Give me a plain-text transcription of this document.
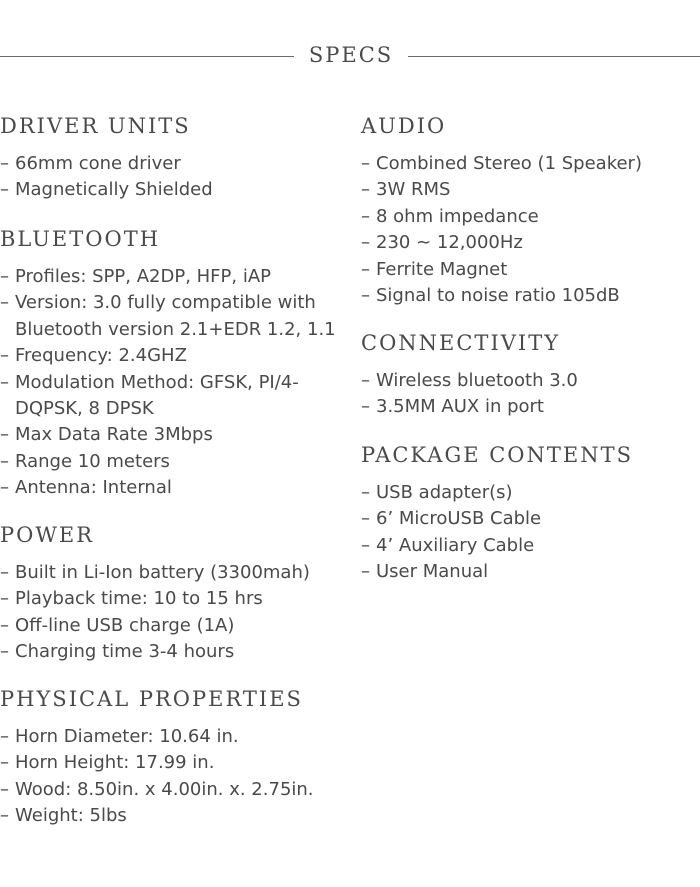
SPECS
DRIVER UNITS
– 66mm cone driver
– Magnetically Shielded
BLUETOOTH
– Profiles: SPP, A2DP, HFP, iAP
– Version: 3.0 fully compatible with Bluetooth version 2.1+EDR 1.2, 1.1
– Frequency: 2.4GHZ
– Modulation Method: GFSK, PI/4-DQPSK, 8 DPSK
– Max Data Rate 3Mbps
– Range 10 meters
– Antenna: Internal
POWER
– Built in Li-Ion battery (3300mah)
– Playback time: 10 to 15 hrs
– Off-line USB charge (1A)
– Charging time 3-4 hours
PHYSICAL PROPERTIES
– Horn Diameter: 10.64 in.
– Horn Height: 17.99 in.
– Wood: 8.50in. x 4.00in. x. 2.75in.
– Weight: 5lbs
AUDIO
– Combined Stereo (1 Speaker)
– 3W RMS
– 8 ohm impedance
– 230 ~ 12,000Hz
– Ferrite Magnet
– Signal to noise ratio 105dB
CONNECTIVITY
– Wireless bluetooth 3.0
– 3.5MM AUX in port
PACKAGE CONTENTS
– USB adapter(s)
– 6’ MicroUSB Cable
– 4’ Auxiliary Cable
– User Manual
